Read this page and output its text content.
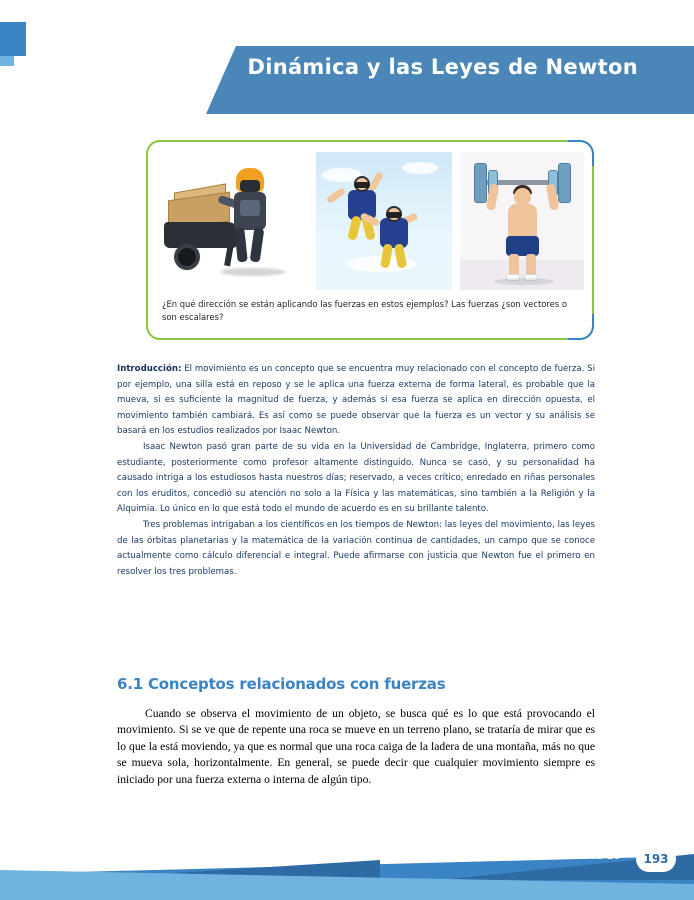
Dinámica y las Leyes de Newton
¿En qué dirección se están aplicando las fuerzas en estos ejemplos? Las fuerzas ¿son vectores o son escalares?

Introducción: El movimiento es un concepto que se encuentra muy relacionado con el concepto de fuerza. Si por ejemplo, una silla está en reposo y se le aplica una fuerza externa de forma lateral, es probable que la mueva, si es suficiente la magnitud de fuerza, y además si esa fuerza se aplica en dirección opuesta, el movimiento también cambiará. Es así como se puede observar que la fuerza es un vector y su análisis se basará en los estudios realizados por Isaac Newton.

Isaac Newton pasó gran parte de su vida en la Universidad de Cambridge, Inglaterra, primero como estudiante, posteriormente como profesor altamente distinguido. Nunca se casó, y su personalidad ha causado intriga a los estudiosos hasta nuestros días; reservado, a veces crítico, enredado en riñas personales con los eruditos, concedió su atención no solo a la Física y las matemáticas, sino también a la Religión y la Alquimia. Lo único en lo que está todo el mundo de acuerdo es en su brillante talento.

Tres problemas intrigaban a los científicos en los tiempos de Newton: las leyes del movimiento, las leyes de las órbitas planetarias y la matemática de la variación continua de cantidades, un campo que se conoce actualmente como cálculo diferencial e integral. Puede afirmarse con justicia que Newton fue el primero en resolver los tres problemas.

6.1 Conceptos relacionados con fuerzas

Cuando se observa el movimiento de un objeto, se busca qué es lo que está provocando el movimiento. Si se ve que de repente una roca se mueve en un terreno plano, se trataría de mirar que es lo que la está moviendo, ya que es normal que una roca caiga de la ladera de una montaña, más no que se mueva sola, horizontalmente. En general, se puede decir que cualquier movimiento siempre es iniciado por una fuerza externa o interna de algún tipo.

Física 10º	193
